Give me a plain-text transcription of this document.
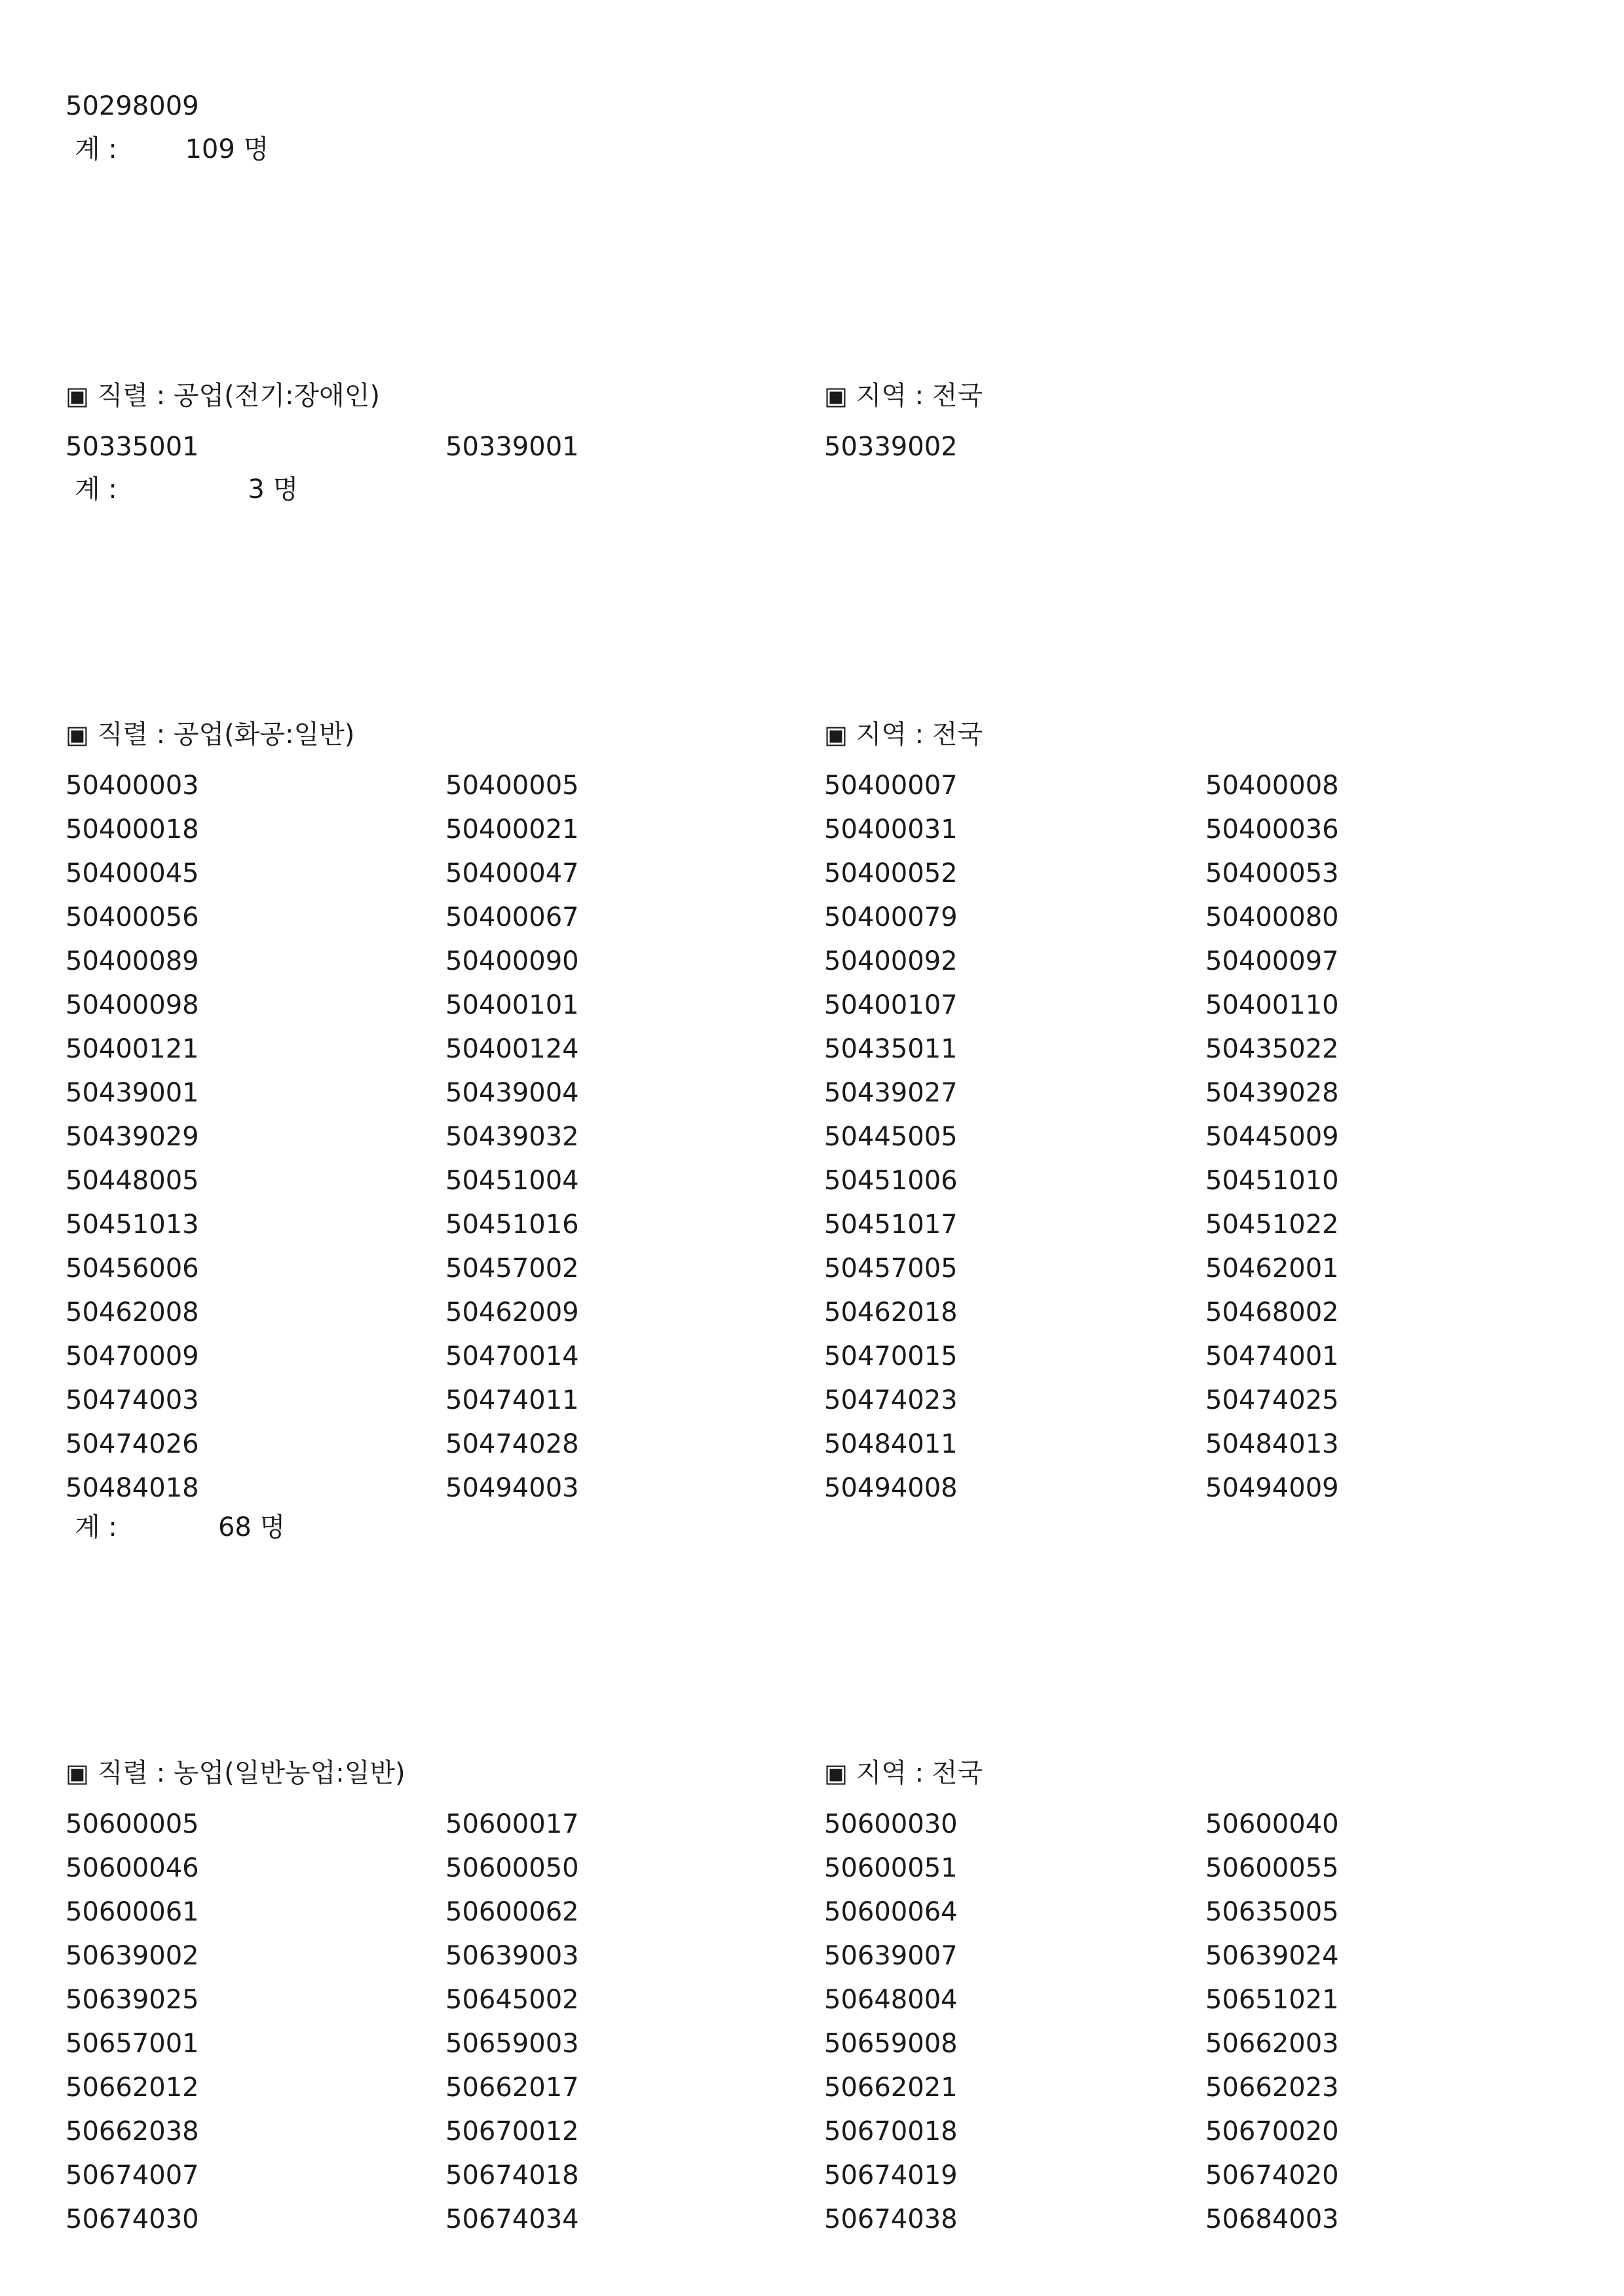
50298009
계 :	109 명
▣ 직렬 : 공업(전기:장애인)	▣ 지역 : 전국
50335001	50339001	50339002
계 :	3 명
▣ 직렬 : 공업(화공:일반)	▣ 지역 : 전국
50400003	50400005	50400007	50400008
50400018	50400021	50400031	50400036
50400045	50400047	50400052	50400053
50400056	50400067	50400079	50400080
50400089	50400090	50400092	50400097
50400098	50400101	50400107	50400110
50400121	50400124	50435011	50435022
50439001	50439004	50439027	50439028
50439029	50439032	50445005	50445009
50448005	50451004	50451006	50451010
50451013	50451016	50451017	50451022
50456006	50457002	50457005	50462001
50462008	50462009	50462018	50468002
50470009	50470014	50470015	50474001
50474003	50474011	50474023	50474025
50474026	50474028	50484011	50484013
50484018	50494003	50494008	50494009
계 :	68 명
▣ 직렬 : 농업(일반농업:일반)	▣ 지역 : 전국
50600005	50600017	50600030	50600040
50600046	50600050	50600051	50600055
50600061	50600062	50600064	50635005
50639002	50639003	50639007	50639024
50639025	50645002	50648004	50651021
50657001	50659003	50659008	50662003
50662012	50662017	50662021	50662023
50662038	50670012	50670018	50670020
50674007	50674018	50674019	50674020
50674030	50674034	50674038	50684003
